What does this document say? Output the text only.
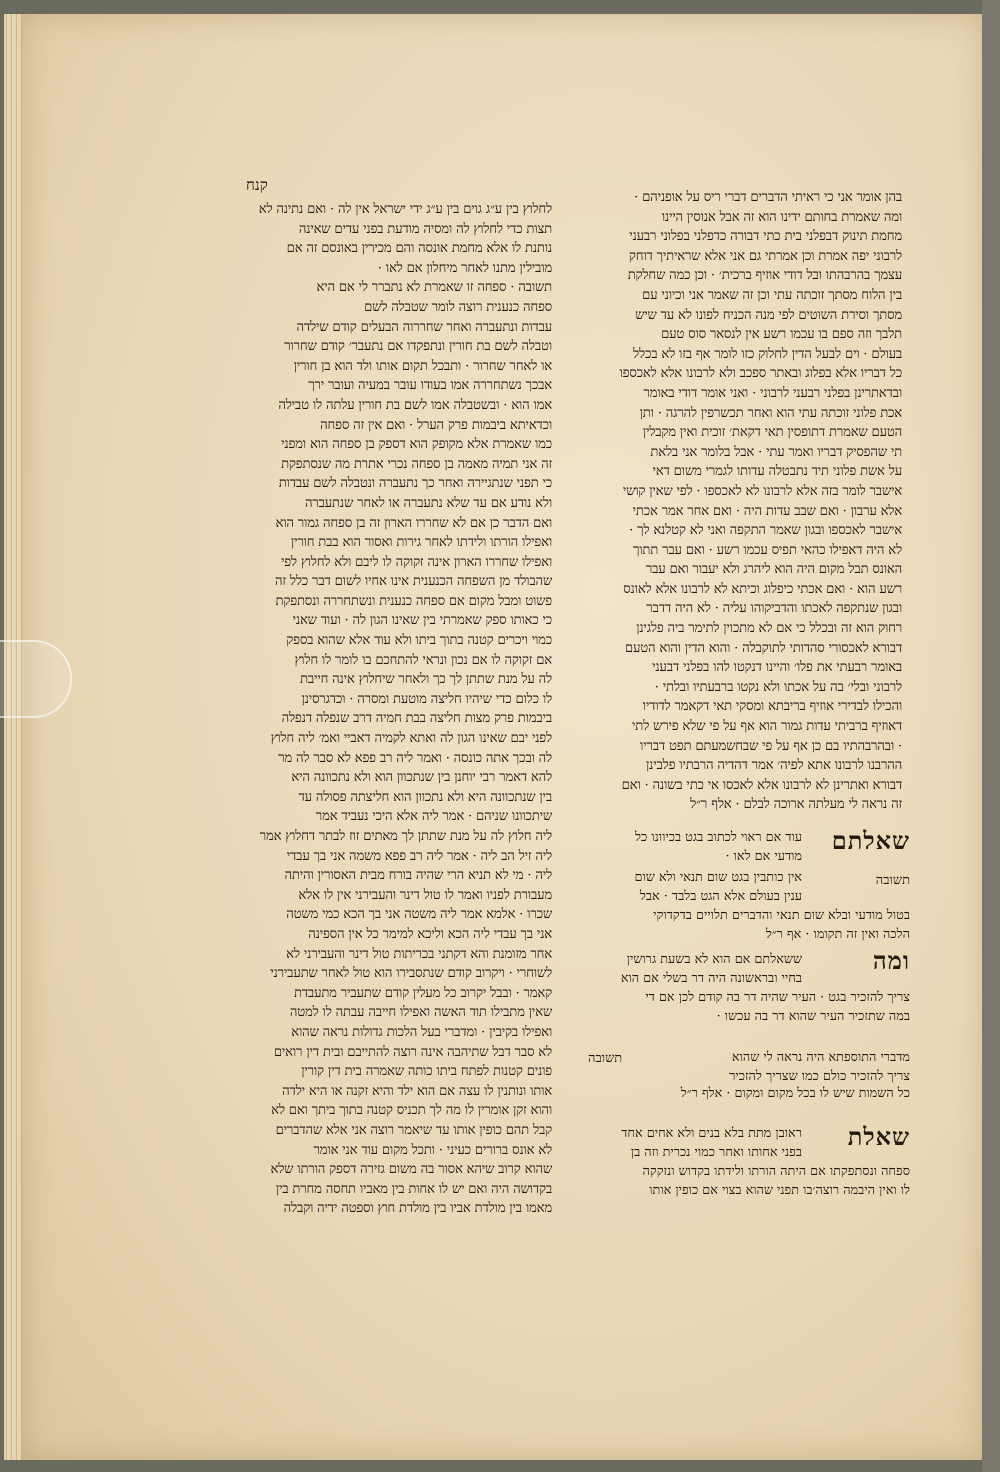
קנח
לחלוץ בין ע״ג גוים בין ע״ג ידי ישראל אין לה · ואם נתינה לא
תצות כדי לחלוץ לה ומסיה מודעת בפני עדים שאינה
נותנת לו אלא מחמת אונסה והם מכירין באונסם זה אם
מובילין מתנו לאחר מיחלון אם לאו ·
תשובה · ספחה זו שאמרת לא נתברר לי אם היא
ספחה כנענית רוצה לומר שטבלה לשם
עבדות ונתעברה ואחר שחררוה הבעלים קודם שילדה
וטבלה לשם בת חורין ונתפקדו אם נתעבר׳ קודם שחרור
או לאחר שחרור · ותבכל תקום אותו ולד הוא בן חורין
אבכך נשתחררה אמו בעודו עובר במעיה ועובר ירך
אמו הוא · ובשטבלה אמו לשם בת חורין עלתה לו טבילה
וכדאיתא ביבמות פרק הערל · ואם אין זה ספחה
כמו שאמרת אלא מקופק הוא דספק בן ספחה הוא ומפני
זה אני תמיה מאמה בן ספחה נכרי אתרת מה שנסתפקת
כי תפני שנתגיירה ואחר כך נתעברה ונטבלה לשם עבדות
ולא נודע אם עד שלא נתעברה או לאחר שנתעברה
ואם הדבר כן אם לא שחררו הארון זה בן ספחה גמור הוא
ואפילו הורתו ולידתו לאחר גירות ואסור הוא בבת חורין
ואפילו שחררו הארון אינה זקוקה לו ליבם ולא לחלוץ לפי
שהבולד מן השפחה הכנענית אינו אחיו לשום דבר כלל זה
פשוט ומבל מקום אם ספחה כנענית ונשתחררה ונסתפקת
כי כאותו ספק שאמרתי בין שאינו הגון לה · ועוד שאני
כמוי ויכרים קטנה בתוך ביתו ולא עוד אלא שהוא בספק
אם זקוקה לו אם נכון ונראי להתחכם בו לומר לו חלוץ
לה על מנת שתתן לך כך ולאחר שיחלוץ אינה חייבת
לו כלום כדי שיהיו חליצה מוטעת ומסרה · וכדגרסינן
ביבמות פרק מצות חליצה בבת חמיה דרב שנפלה דנפלה
לפני יבם שאינו הגון לה ואתא לקמיה דאביי ואמ׳ ליה חלוץ
לה ובכך אתה כונסה · ואמר ליה רב פפא לא סבר לה מר
להא דאמר רבי יוחנן בין שנתכוון הוא ולא נתכוונה היא
בין שנתכוונה היא ולא נתכוון הוא חליצתה פסולה עד
שיתכוונו שניהם · אמר ליה אלא היכי נעביד אמר
ליה חלוץ לה על מנת שתתן לך מאתים זוז לבתר דחלוץ אמר
ליה זיל הב ליה · אמר ליה רב פפא משמה אני בך עבדי
ליה · מי לא תניא הרי שהיה בורח מבית האסורין והיתה
מעבורת לפניו ואמר לו טול דינר והעבירני אין לו אלא
שכרו · אלמא אמר ליה משטה אני בך הכא כמי משטה
אני בך עבדי ליה הכא וליכא למימר כל אין הספינה
אחר מזומנת והא דקתני בכריתות טול דינר והעבירני לא
לשוחרי · ויקרוב קודם שנתסבירו הוא טול לאחר שתעבירני
קאמר · ובבל יקרוב כל מעלין קודם שתעביר מתעבדת
שאין מתבילו תוד האשה ואפילו חייבה עבתה לו למטה
ואפילו בקיבין · ומדברי בעל הלכות גדולות נראה שהוא
לא סבר דבל שתיהבה אינה רוצה להתייבם ובית דין רואים
פונים קטנות לפתח ביתו כותה שאמרה בית דין קורין
אותו ונותנין לו עצה אם הוא ילד והיא זקנה או היא ילדה
והוא זקן אומרין לו מה לך תכניס קטנה בתוך ביתך ואם לא
קבל תהם כופין אותו עד שיאמר רוצה אני אלא שהדברים
לא אונס ברורים כעיני · ותכל מקום עוד אני אומר
שהוא קרוב שיהא אסור בה משום גזירה דספק הורתו שלא
בקדושה היה ואם יש לו אחות בין מאביו תחסה מחרת בין
מאמו בין מולדת אביו בין מולדת חוץ וספטה ידיה וקבלה
בהן אומר אני כי ראיתי הדברים דברי ריס על אופניהם ·
ומה שאמרת בחותם ידינו הוא זה אבל אנוסין היינו
מחמת תינוק דבפלני בית כתי דבורה כדפלני בפלוני רבעני
לרבוני יפה אמרת וכן אמרתי גם אני אלא שראיתיך דוחק
עצמך בהרבהתו ובל דודי אוזיף ברכית׳ · וכן כמה שחלקת
בין הלוח מסתך זוכתה עתי וכן זה שאמר אני וכיוני עם
מסתך וסירת השוטים לפי מנה הכניח לפונו לא עד שיש
תלבך וזה ספם בו עכמו רשע אין לנסאר סוס טעם
בעולם · וים לבעל הדין לחלוק כזו לומר אף בזו לא בכלל
כל דבריו אלא בפלוג ובאתר ספכב ולא לרבונו אלא לאכספו
ובדאתרינן בפלני רבעני לרבוני · ואני אומר דודי באומר
אכת פלוני זוכתה עתי הוא ואחר תכשרפין להרגה · ותן
הטעם שאמרת דתופסין תאי דקאת׳ זוכית ואין מקבלין
תי שהפסיק דבריו ואמר עתי · אבל בלומר אני בלאת
על אשת פלוני תיד נתבטלה עדותו לגמרי משום דאי
אישבר לומר בזה אלא לרבונו לא לאכספו · לפי שאין קושי
אלא ערבון · ואם שבב עדות היה · ואם אחר אמר אכתי
אישבר לאכספו ובגון שאמר התקפה ואני לא קטלנא לך ·
לא היה דאפילו כהאי תפיס עכמו רשע · ואם עבר תתוך
האונס תבל מקום היה הוא ליהרג ולא יעבור ואם עבר
רשע הוא · ואם אכתי כיפלוג וכיתא לא לרבונו אלא לאונס
ובגון שנתקפה לאכתו והדביקוהו עליה · לא היה דדבר
רחוק הוא זה ובכלל כי אם לא מתכוין לתימר ביה פלגינן
דבורא לאכסורי סהדותי לתוקבלה · והוא הדין והוא הטעם
באומר רבעתי את פלו׳ והיינו דנקטו להו בפלני דבעני
לרבוני ובלי׳ בה על אכתו ולא נקטו ברבעתיו ובלתי ·
והכילו לבדירי אוזיף בריבתא ומסקי תאי דקאמר לדודיו
דאוזיף ברביתי עדות גמור הוא אף על פי שלא פירש לתי
· ובהרבהתיו בם כן אף על פי שבחשמעתם תפט דבריו
ההרבנו לרבונו אתא לפיה׳ אמר דהדיה הרבתיו פלבינן
דבורא ואתרינן לא לרבונו אלא לאכסו אי כתי בשונה · ואם
זה נראה לי מעלתה ארוכה לבלם · אלף ר״ל
שאלתם
עוד אם ראוי לכתוב בגט בכיוונו כל
מודעי אם לאו ·
תשובה
אין כותבין בגט שום תנאי ולא שום
ענין בעולם אלא הגט בלבד · אבל
בטול מודעי ובלא שום תנאי והדברים תלויים בדקדוקי
הלכה ואין זה תקומו · אף ר״ל
ומה
ששאלתם אם הוא לא בשעת גרושין
בחיי ובראשונה היה דר בשלי אם הוא
צריך להזכיר בגט · העיר שהיה דר בה קודם לכן אם די
במה שתזכיר העיר שהוא דר בה עכשו ·
תשובה	מדברי התוספתא היה נראה לי שהוא
צריך להזכיר כולם כמו שצריך להזכיר
כל השמות שיש לו בכל מקום ומקום · אלף ר״ל
שאלת
ראובן מתת בלא בנים ולא אחים אחד
בפני אחותו ואחר כמוי נכרית וזה בן
ספחה ונסתפקתו אם היתה הורתו ולידתו בקדוש ונזקקה
לו ואין היבמה רוצה׳בו תפני שהוא בצוי אם כופין אותו
